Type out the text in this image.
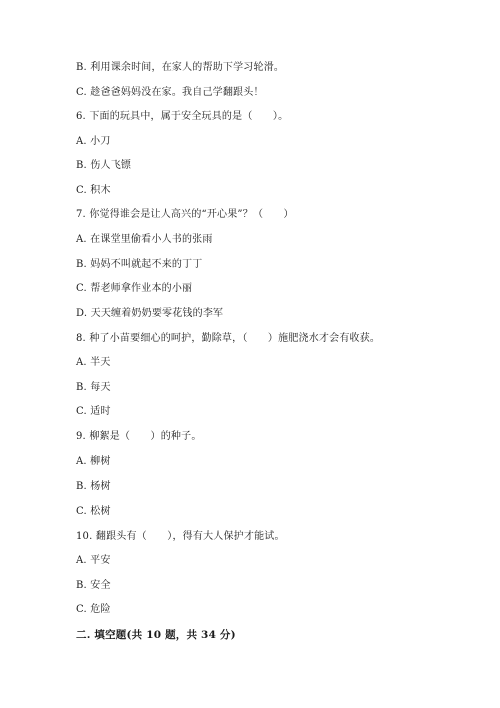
B. 利用课余时间，在家人的帮助下学习轮滑。
C. 趁爸爸妈妈没在家。我自己学翻跟头！
6. 下面的玩具中，属于安全玩具的是（　　）。
A. 小刀
B. 伤人飞镖
C. 积木
7. 你觉得谁会是让人高兴的“开心果”？（　　）
A. 在课堂里偷看小人书的张雨
B. 妈妈不叫就起不来的丁丁
C. 帮老师拿作业本的小丽
D. 天天缠着奶奶要零花钱的李军
8. 种了小苗要细心的呵护，勤除草，（　　）施肥浇水才会有收获。
A. 半天
B. 每天
C. 适时
9. 柳絮是（　　）的种子。
A. 柳树
B. 杨树
C. 松树
10. 翻跟头有（　　），得有大人保护才能试。
A. 平安
B. 安全
C. 危险
二. 填空题(共 10 题，共 34 分)
